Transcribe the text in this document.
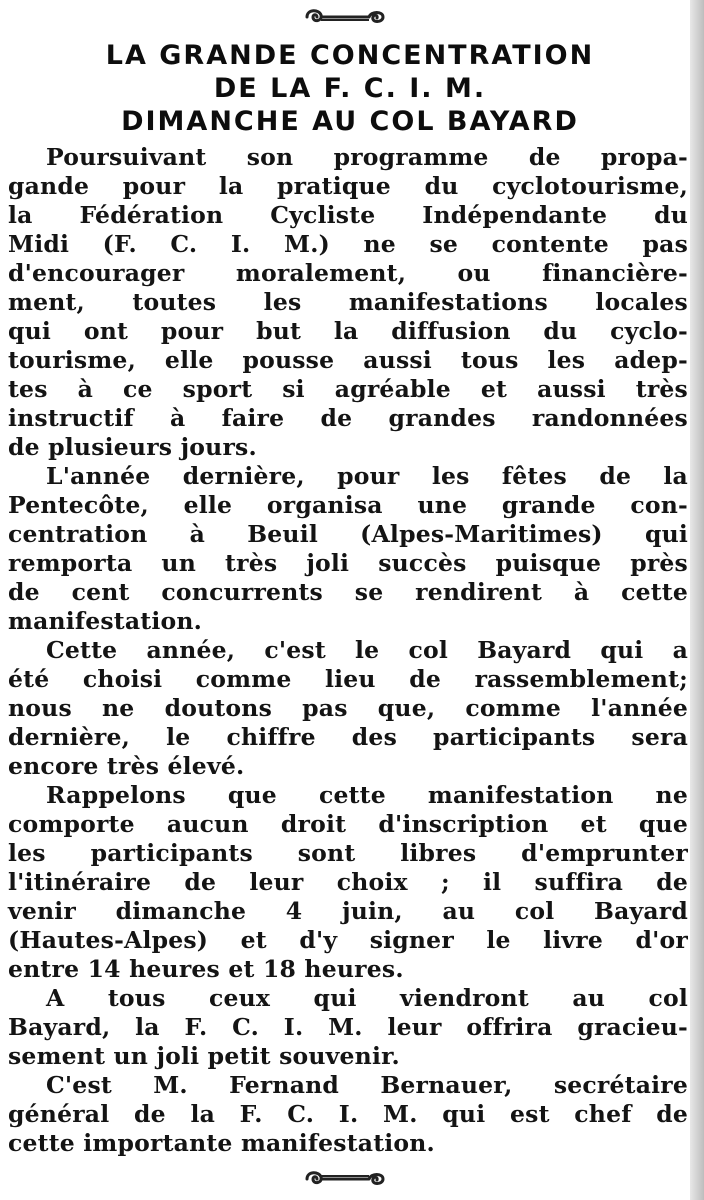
LA GRANDE CONCENTRATION
DE LA F. C. I. M.
DIMANCHE AU COL BAYARD
Poursuivant son programme de propa-
gande pour la pratique du cyclotourisme,
la Fédération Cycliste Indépendante du
Midi (F. C. I. M.) ne se contente pas
d'encourager moralement, ou financière-
ment, toutes les manifestations locales
qui ont pour but la diffusion du cyclo-
tourisme, elle pousse aussi tous les adep-
tes à ce sport si agréable et aussi très
instructif à faire de grandes randonnées
de plusieurs jours.
L'année dernière, pour les fêtes de la
Pentecôte, elle organisa une grande con-
centration à Beuil (Alpes-Maritimes) qui
remporta un très joli succès puisque près
de cent concurrents se rendirent à cette
manifestation.
Cette année, c'est le col Bayard qui a
été choisi comme lieu de rassemblement;
nous ne doutons pas que, comme l'année
dernière, le chiffre des participants sera
encore très élevé.
Rappelons que cette manifestation ne
comporte aucun droit d'inscription et que
les participants sont libres d'emprunter
l'itinéraire de leur choix ; il suffira de
venir dimanche 4 juin, au col Bayard
(Hautes-Alpes) et d'y signer le livre d'or
entre 14 heures et 18 heures.
A tous ceux qui viendront au col
Bayard, la F. C. I. M. leur offrira gracieu-
sement un joli petit souvenir.
C'est M. Fernand Bernauer, secrétaire
général de la F. C. I. M. qui est chef de
cette importante manifestation.
